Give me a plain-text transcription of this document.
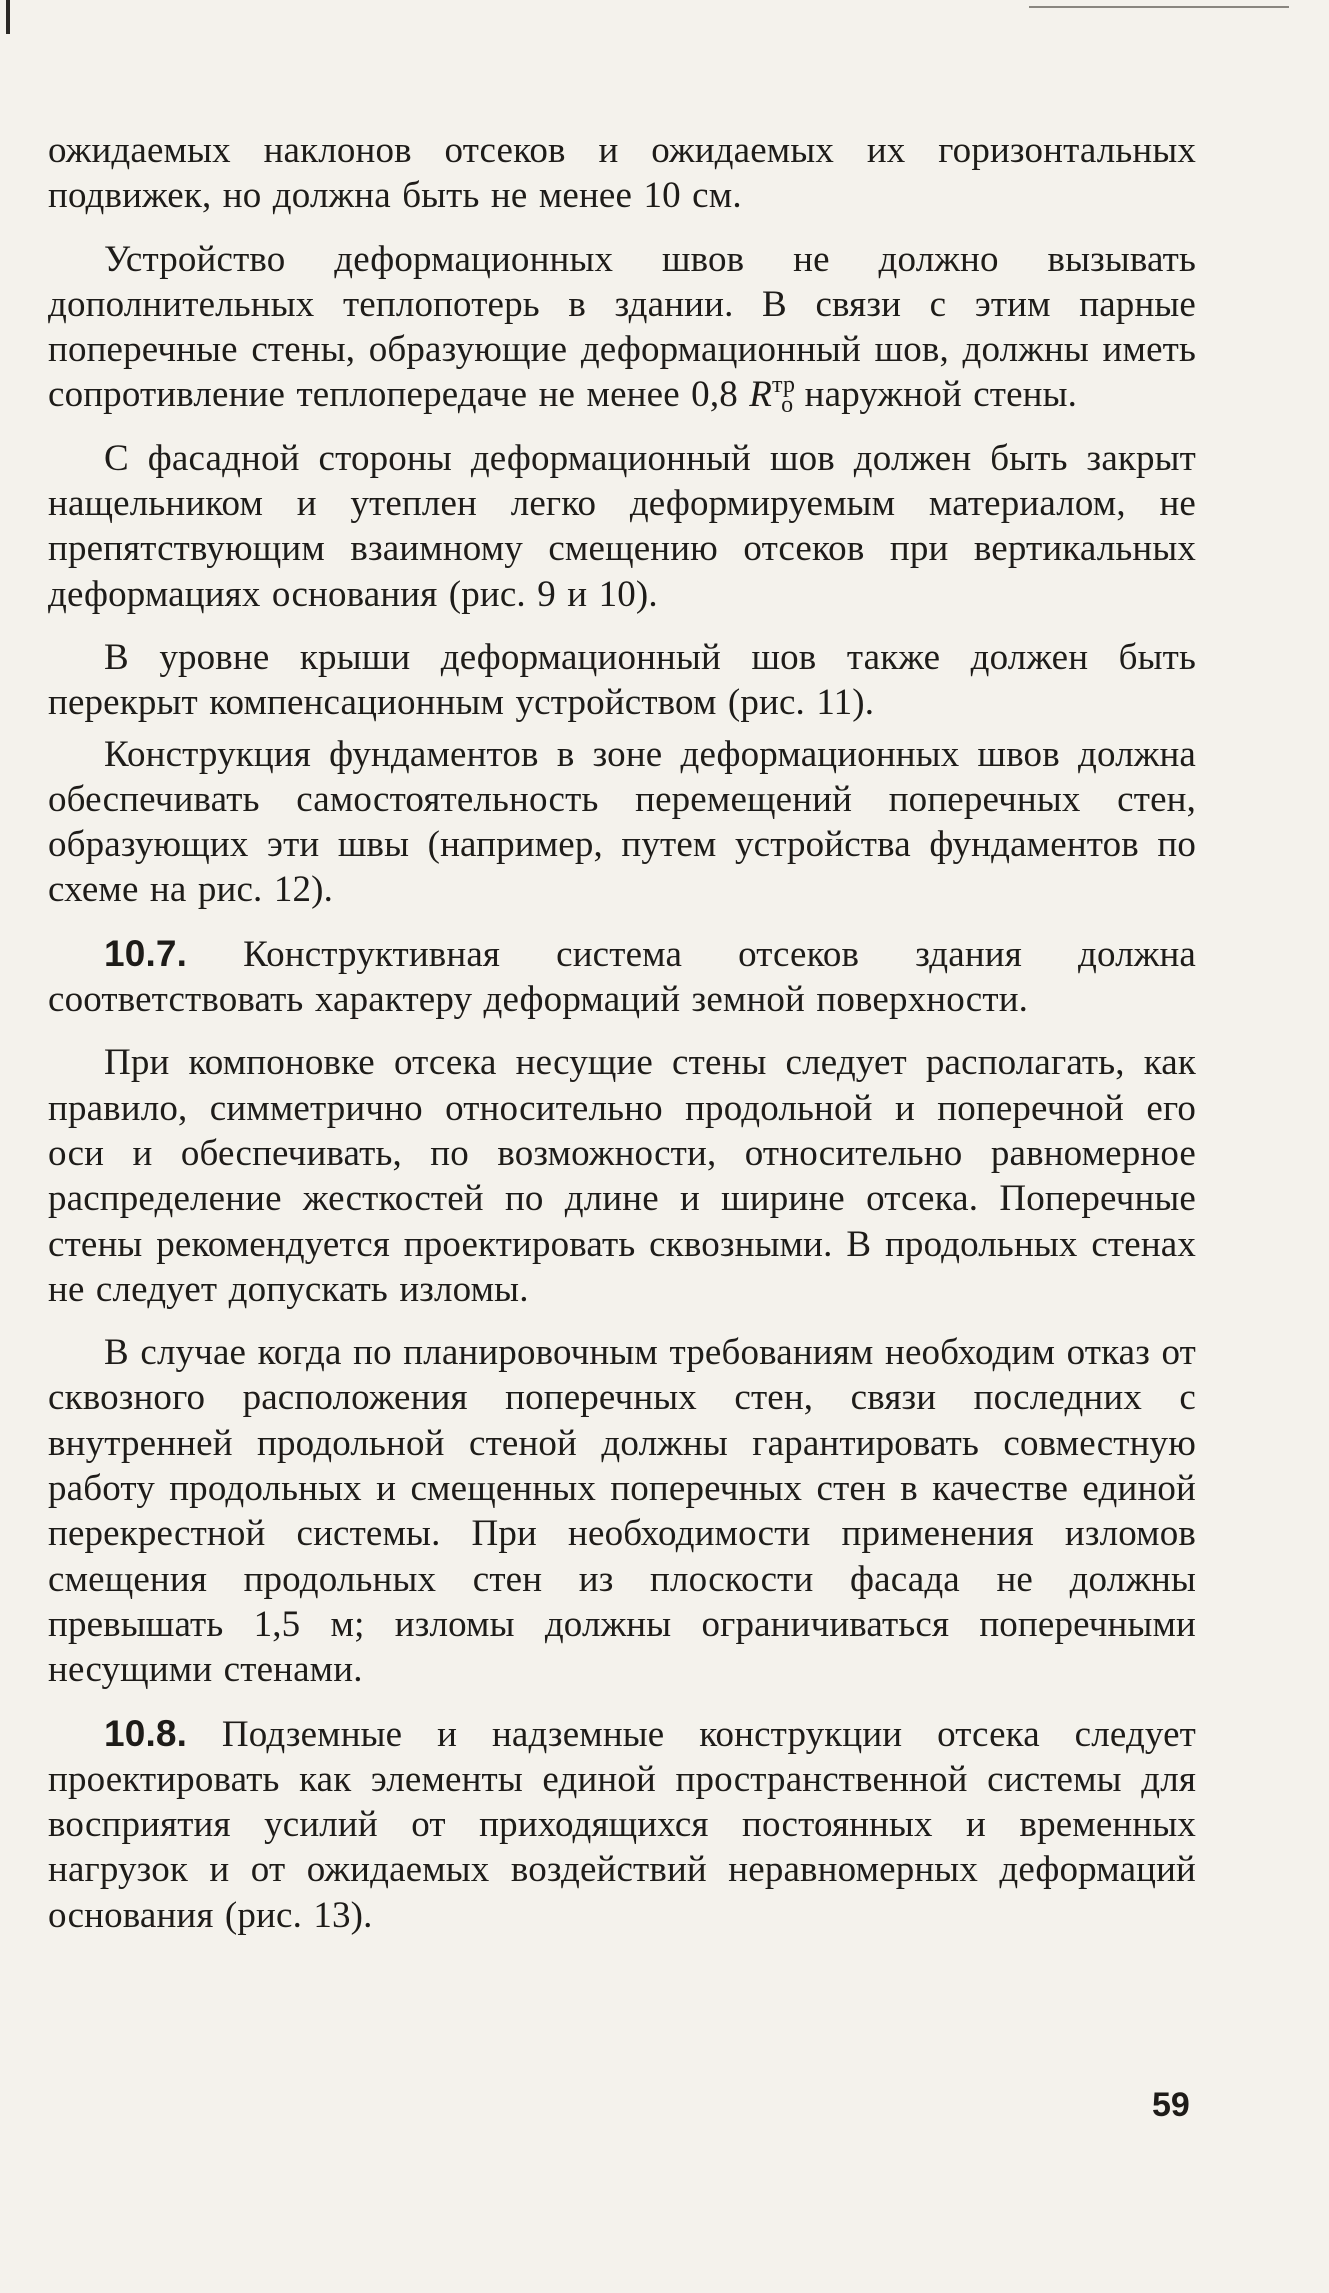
ожидаемых наклонов отсеков и ожидаемых их горизонтальных подвижек, но должна быть не менее 10 см.

Устройство деформационных швов не должно вызывать дополнительных теплопотерь в здании. В связи с этим парные поперечные стены, образующие деформационный шов, должны иметь сопротивление теплопередаче не менее 0,8 $R^{тр}_о$ наружной стены.

С фасадной стороны деформационный шов должен быть закрыт нащельником и утеплен легко деформируемым материалом, не препятствующим взаимному смещению отсеков при вертикальных деформациях основания (рис. 9 и 10).

В уровне крыши деформационный шов также должен быть перекрыт компенсационным устройством (рис. 11).

Конструкция фундаментов в зоне деформационных швов должна обеспечивать самостоятельность перемещений поперечных стен, образующих эти швы (например, путем устройства фундаментов по схеме на рис. 12).

10.7. Конструктивная система отсеков здания должна соответствовать характеру деформаций земной поверхности.

При компоновке отсека несущие стены следует располагать, как правило, симметрично относительно продольной и поперечной его оси и обеспечивать, по возможности, относительно равномерное распределение жесткостей по длине и ширине отсека. Поперечные стены рекомендуется проектировать сквозными. В продольных стенах не следует допускать изломы.

В случае когда по планировочным требованиям необходим отказ от сквозного расположения поперечных стен, связи последних с внутренней продольной стеной должны гарантировать совместную работу продольных и смещенных поперечных стен в качестве единой перекрестной системы. При необходимости применения изломов смещения продольных стен из плоскости фасада не должны превышать 1,5 м; изломы должны ограничиваться поперечными несущими стенами.

10.8. Подземные и надземные конструкции отсека следует проектировать как элементы единой пространственной системы для восприятия усилий от приходящихся постоянных и временных нагрузок и от ожидаемых воздействий неравномерных деформаций основания (рис. 13).

59
